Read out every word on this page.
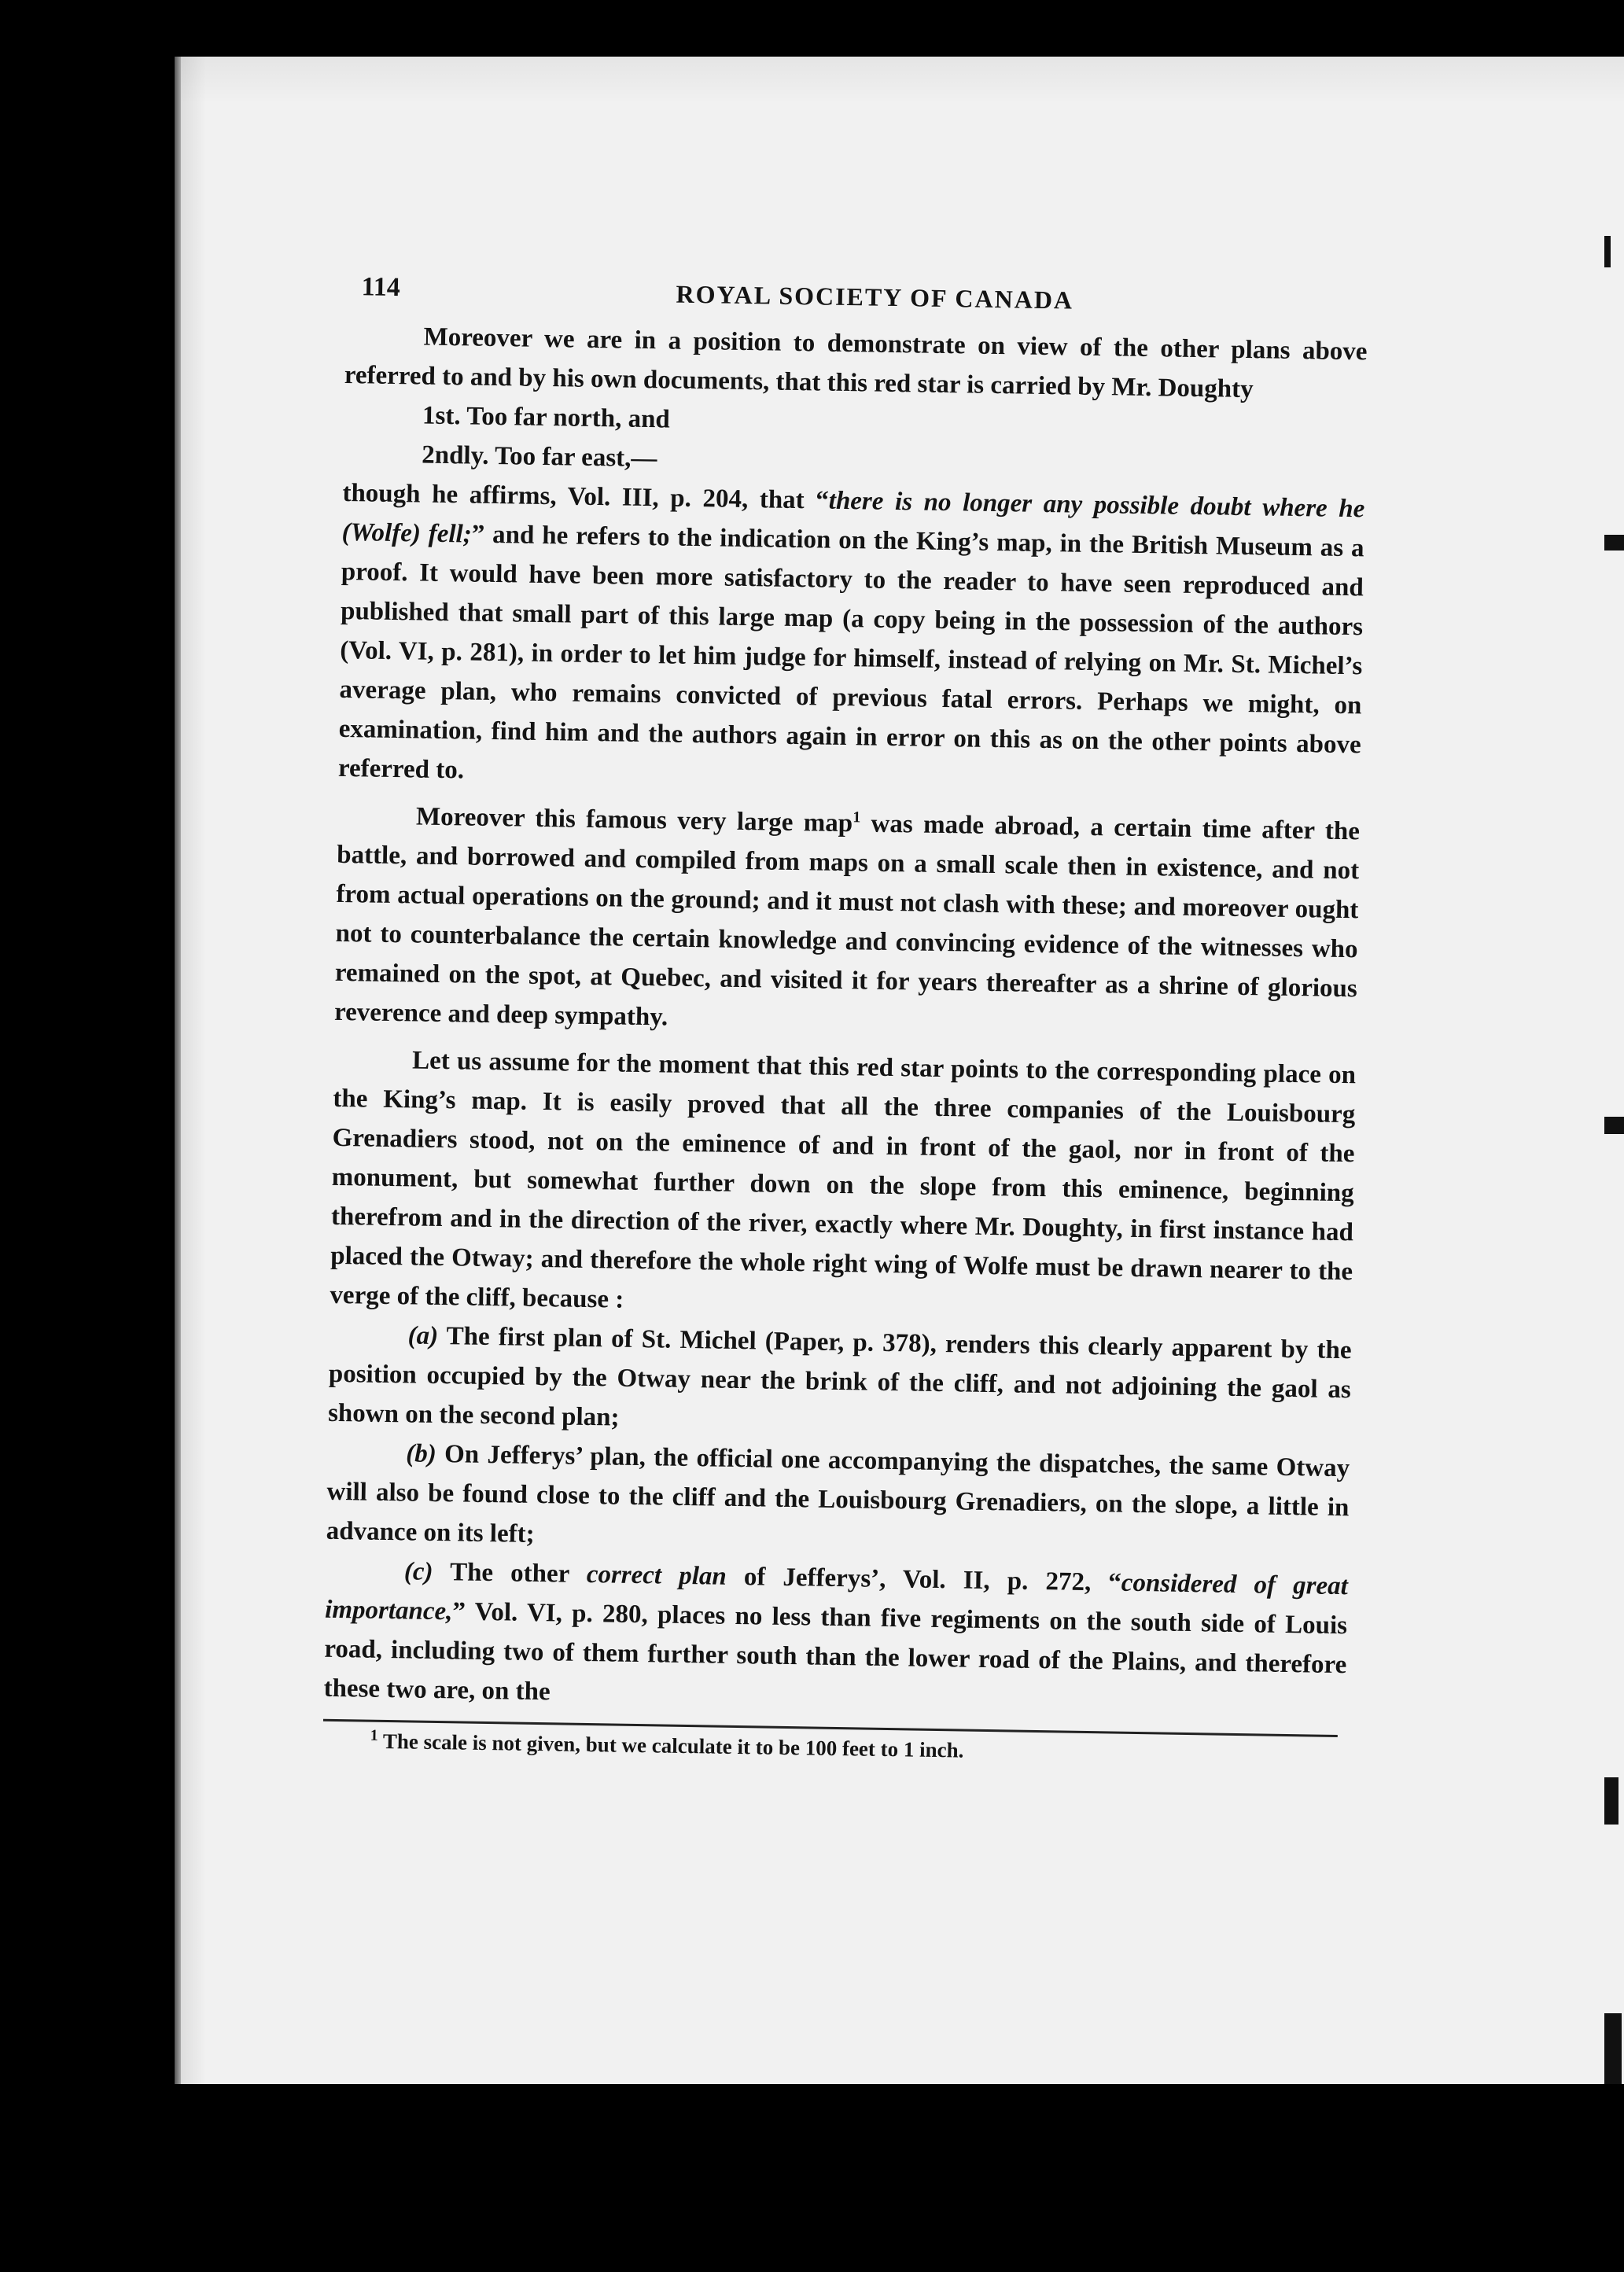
114	ROYAL SOCIETY OF CANADA

Moreover we are in a position to demonstrate on view of the other plans above referred to and by his own documents, that this red star is carried by Mr. Doughty

1st. Too far north, and

2ndly. Too far east,—

though he affirms, Vol. III, p. 204, that “there is no longer any possible doubt where he (Wolfe) fell;” and he refers to the indication on the King’s map, in the British Museum as a proof. It would have been more satisfactory to the reader to have seen reproduced and published that small part of this large map (a copy being in the possession of the authors (Vol. VI, p. 281), in order to let him judge for himself, instead of relying on Mr. St. Michel’s average plan, who remains convicted of previous fatal errors. Perhaps we might, on examination, find him and the authors again in error on this as on the other points above referred to.

Moreover this famous very large map$^1$ was made abroad, a certain time after the battle, and borrowed and compiled from maps on a small scale then in existence, and not from actual operations on the ground; and it must not clash with these; and moreover ought not to counterbalance the certain knowledge and convincing evidence of the witnesses who remained on the spot, at Quebec, and visited it for years thereafter as a shrine of glorious reverence and deep sympathy.

Let us assume for the moment that this red star points to the corresponding place on the King’s map. It is easily proved that all the three companies of the Louisbourg Grenadiers stood, not on the eminence of and in front of the gaol, nor in front of the monument, but somewhat further down on the slope from this eminence, beginning therefrom and in the direction of the river, exactly where Mr. Doughty, in first instance had placed the Otway; and therefore the whole right wing of Wolfe must be drawn nearer to the verge of the cliff, because :

(a) The first plan of St. Michel (Paper, p. 378), renders this clearly apparent by the position occupied by the Otway near the brink of the cliff, and not adjoining the gaol as shown on the second plan;

(b) On Jefferys’ plan, the official one accompanying the dispatches, the same Otway will also be found close to the cliff and the Louisbourg Grenadiers, on the slope, a little in advance on its left;

(c) The other correct plan of Jefferys’, Vol. II, p. 272, “considered of great importance,” Vol. VI, p. 280, places no less than five regiments on the south side of Louis road, including two of them further south than the lower road of the Plains, and therefore these two are, on the

$^1$ The scale is not given, but we calculate it to be 100 feet to 1 inch.
